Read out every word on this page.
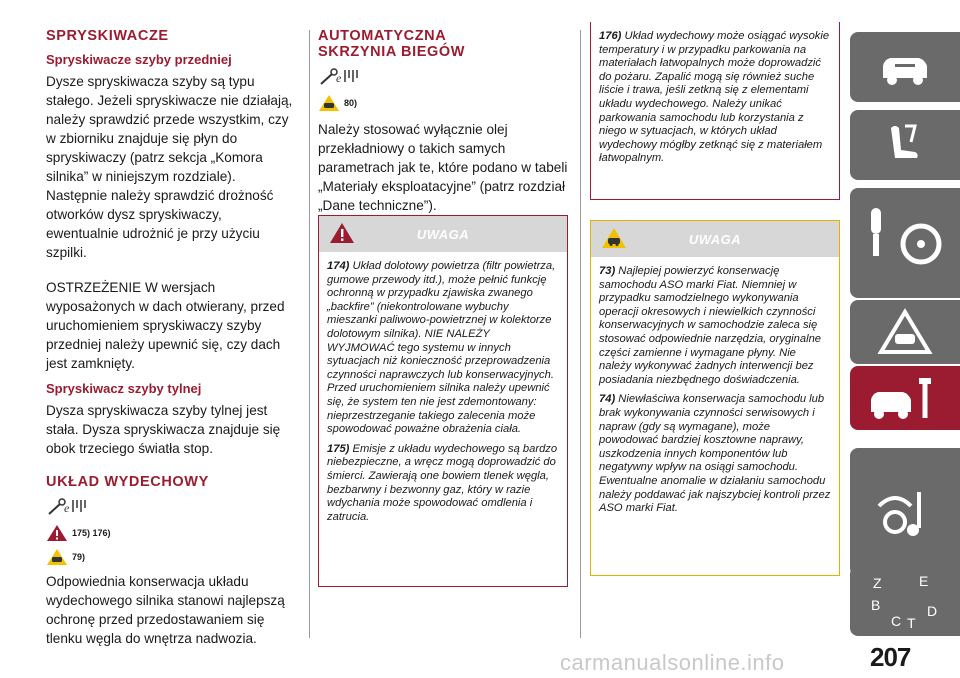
SPRYSKIWACZE
Spryskiwacze szyby przedniej
Dysze spryskiwacza szyby są typu stałego. Jeżeli spryskiwacze nie działają, należy sprawdzić przede wszystkim, czy w zbiorniku znajduje się płyn do spryskiwaczy (patrz sekcja „Komora silnika” w niniejszym rozdziale). Następnie należy sprawdzić drożność otworków dysz spryskiwaczy, ewentualnie udrożnić je przy użyciu szpilki.
OSTRZEŻENIE W wersjach wyposażonych w dach otwierany, przed uruchomieniem spryskiwaczy szyby przedniej należy upewnić się, czy dach jest zamknięty.
Spryskiwacz szyby tylnej
Dysza spryskiwacza szyby tylnej jest stała. Dysza spryskiwacza znajduje się obok trzeciego światła stop.
UKŁAD WYDECHOWY
e
175) 176)
79)
Odpowiednia konserwacja układu wydechowego silnika stanowi najlepszą ochronę przed przedostawaniem się tlenku węgla do wnętrza nadwozia.
AUTOMATYCZNA SKRZYNIA BIEGÓW
e
80)
Należy stosować wyłącznie olej przekładniowy o takich samych parametrach jak te, które podano w tabeli „Materiały eksploatacyjne” (patrz rozdział „Dane techniczne”).
UWAGA
174) Układ dolotowy powietrza (filtr powietrza, gumowe przewody itd.), może pełnić funkcję ochronną w przypadku zjawiska zwanego „backfire” (niekontrolowane wybuchy mieszanki paliwowo-powietrznej w kolektorze dolotowym silnika). NIE NALEŻY WYJMOWAĆ tego systemu w innych sytuacjach niż konieczność przeprowadzenia czynności naprawczych lub konserwacyjnych. Przed uruchomieniem silnika należy upewnić się, że system ten nie jest zdemontowany: nieprzestrzeganie takiego zalecenia może spowodować poważne obrażenia ciała.
175) Emisje z układu wydechowego są bardzo niebezpieczne, a wręcz mogą doprowadzić do śmierci. Zawierają one bowiem tlenek węgla, bezbarwny i bezwonny gaz, który w razie wdychania może spowodować omdlenia i zatrucia.
176) Układ wydechowy może osiągać wysokie temperatury i w przypadku parkowania na materiałach łatwopalnych może doprowadzić do pożaru. Zapalić mogą się również suche liście i trawa, jeśli zetkną się z elementami układu wydechowego. Należy unikać parkowania samochodu lub korzystania z niego w sytuacjach, w których układ wydechowy mógłby zetknąć się z materiałem łatwopalnym.
UWAGA
73) Najlepiej powierzyć konserwację samochodu ASO marki Fiat. Niemniej w przypadku samodzielnego wykonywania operacji okresowych i niewielkich czynności konserwacyjnych w samochodzie zaleca się stosować odpowiednie narzędzia, oryginalne części zamienne i wymagane płyny. Nie należy wykonywać żadnych interwencji bez posiadania niezbędnego doświadczenia.
74) Niewłaściwa konserwacja samochodu lub brak wykonywania czynności serwisowych i napraw (gdy są wymagane), może powodować bardziej kosztowne naprawy, uszkodzenia innych komponentów lub negatywny wpływ na osiągi samochodu. Ewentualne anomalie w działaniu samochodu należy poddawać jak najszybciej kontroli przez ASO marki Fiat.
Z	E
B
C T
D
carmanualsonline.info	207
